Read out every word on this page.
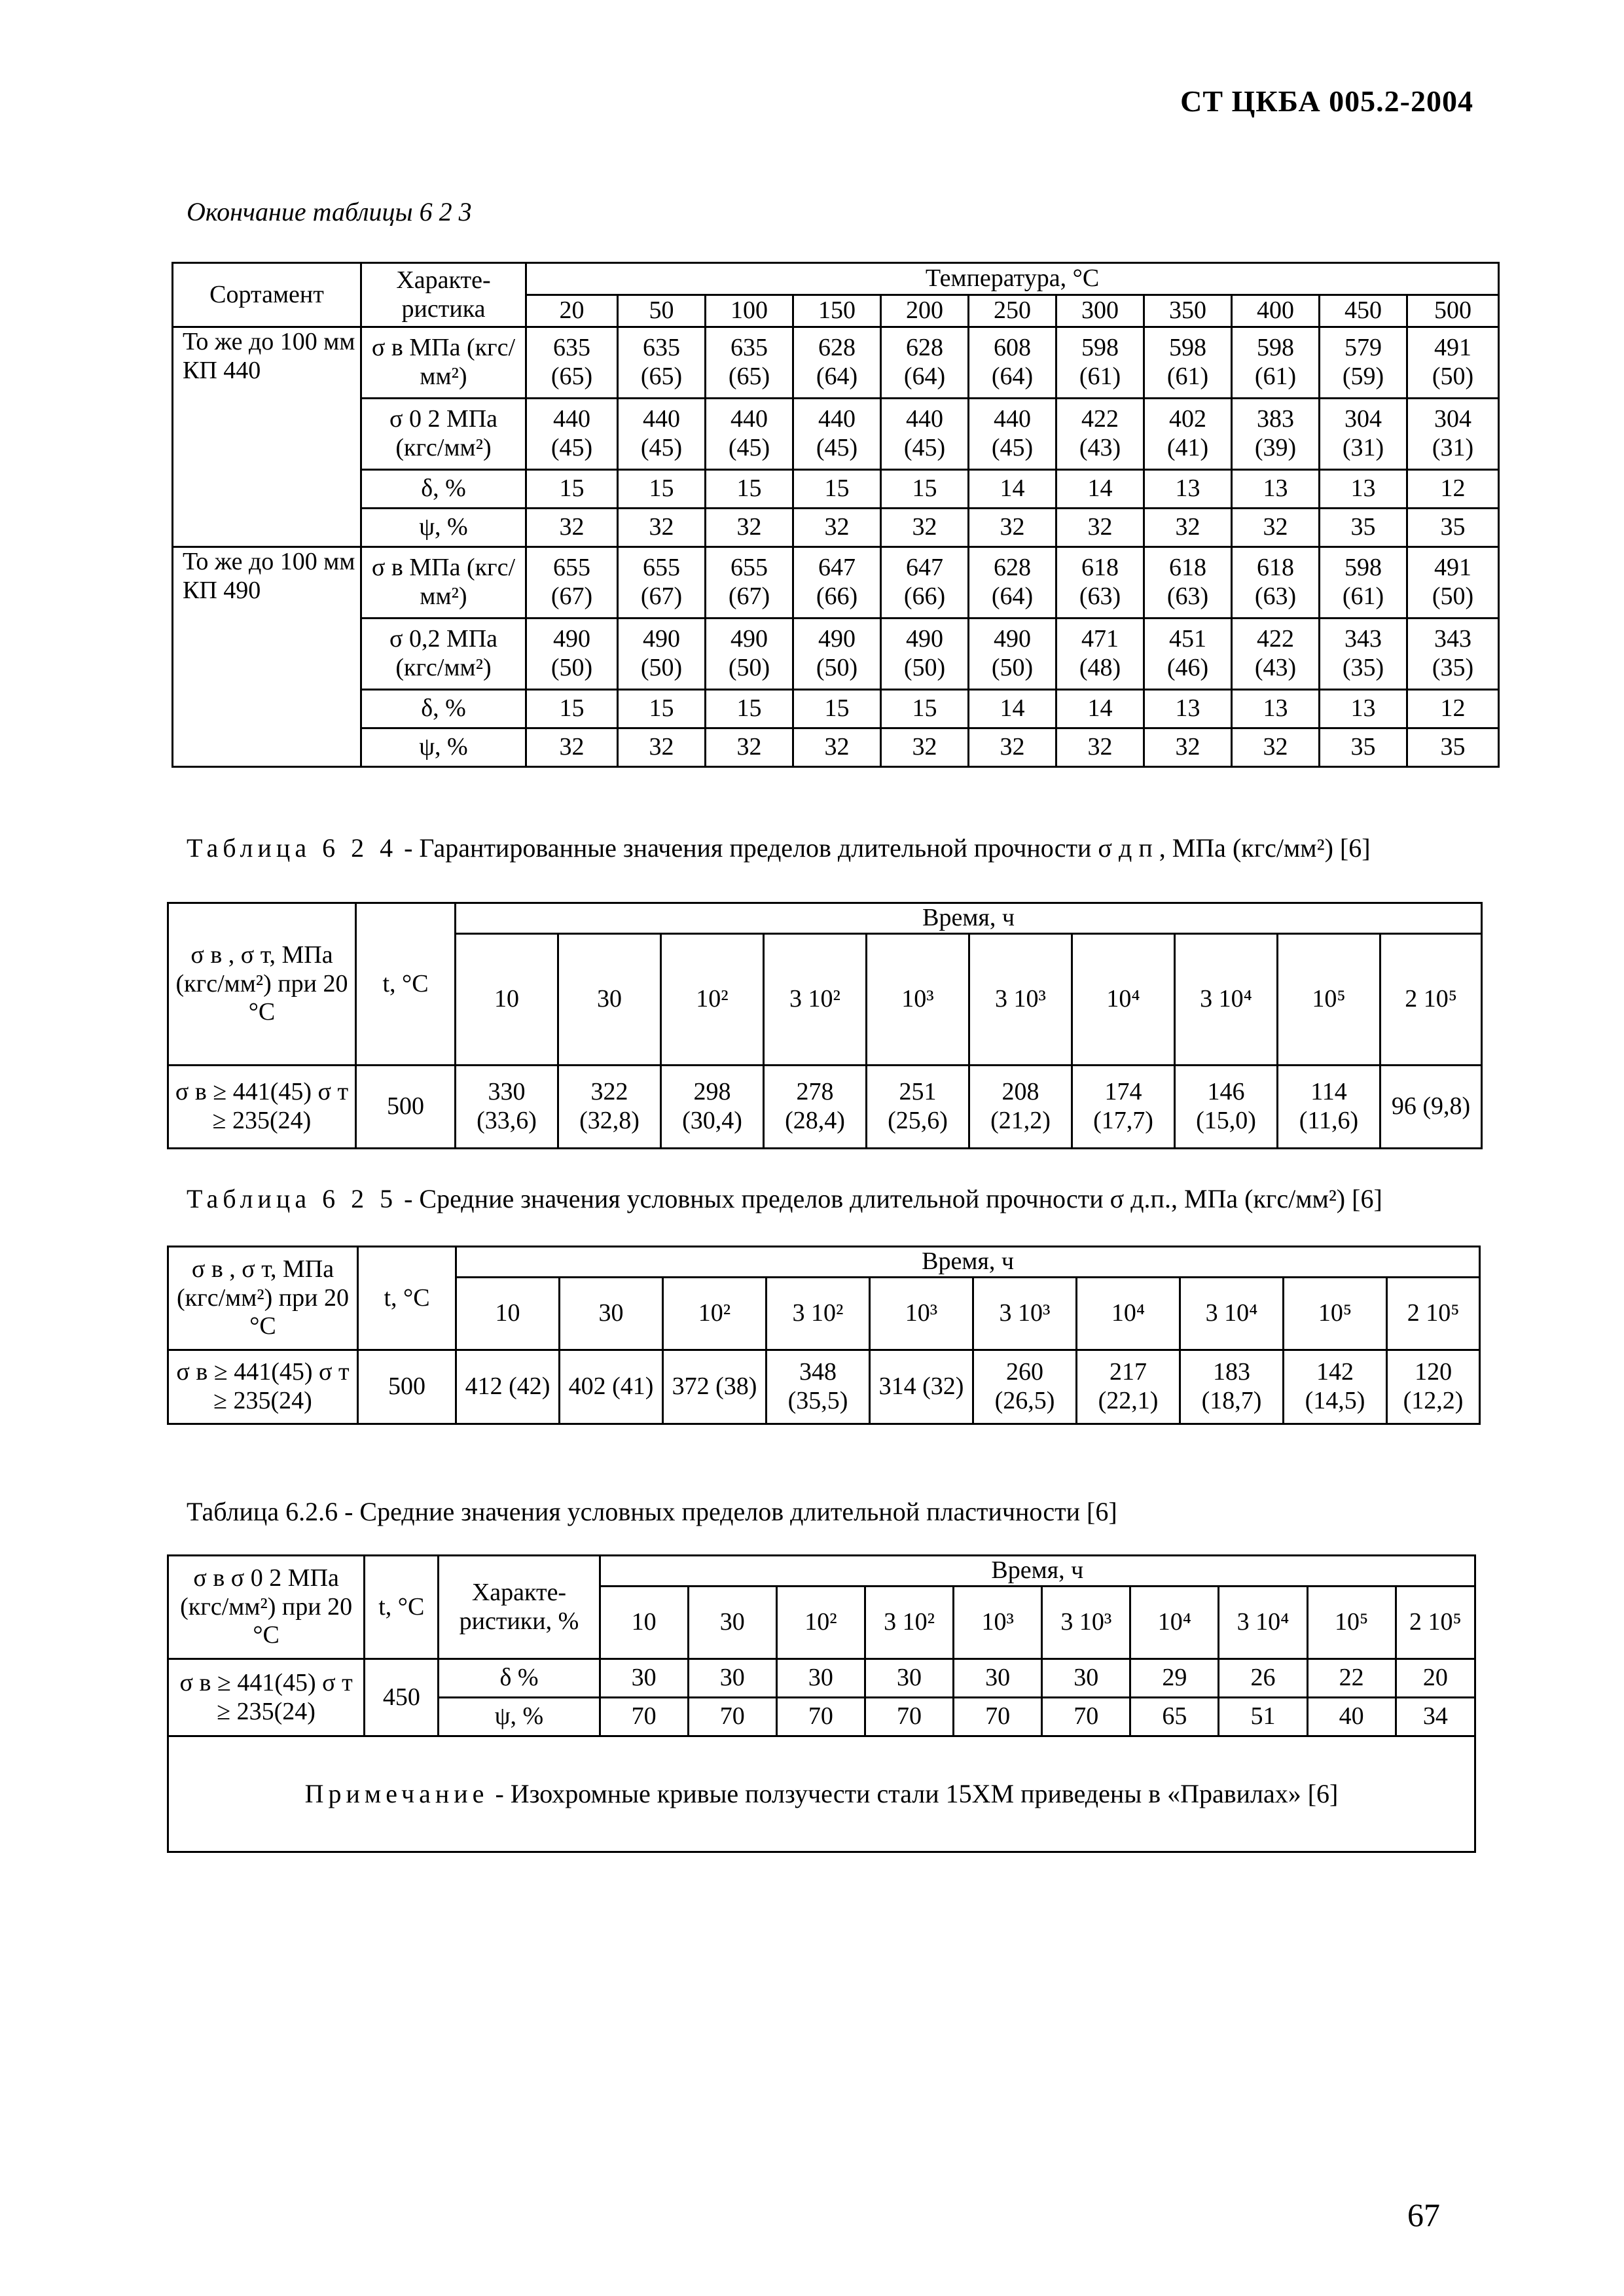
СТ ЦКБА 005.2-2004
Окончание таблицы 6 2 3
Сортамент	Характе-ристика	Температура, °С										
		20	50	100	150	200	250	300	350	400	450	500
То же до 100 мм КП 440	σ в МПа (кгс/мм²)	635 (65)	635 (65)	635 (65)	628 (64)	628 (64)	608 (64)	598 (61)	598 (61)	598 (61)	579 (59)	491 (50)
	σ 0 2 МПа (кгс/мм²)	440 (45)	440 (45)	440 (45)	440 (45)	440 (45)	440 (45)	422 (43)	402 (41)	383 (39)	304 (31)	304 (31)
	δ, %	15	15	15	15	15	14	14	13	13	13	12
	ψ, %	32	32	32	32	32	32	32	32	32	35	35
То же до 100 мм КП 490	σ в МПа (кгс/мм²)	655 (67)	655 (67)	655 (67)	647 (66)	647 (66)	628 (64)	618 (63)	618 (63)	618 (63)	598 (61)	491 (50)
	σ 0,2 МПа (кгс/мм²)	490 (50)	490 (50)	490 (50)	490 (50)	490 (50)	490 (50)	471 (48)	451 (46)	422 (43)	343 (35)	343 (35)
	δ, %	15	15	15	15	15	14	14	13	13	13	12
	ψ, %	32	32	32	32	32	32	32	32	32	35	35
Таблица 6 2 4 - Гарантированные значения пределов длительной прочности σ д п , МПа (кгс/мм²) [6]
σ в , σ т, МПа (кгс/мм²) при 20 °С	t, °С	Время, ч									
		10	30	10²	3 10²	10³	3 10³	10⁴	3 10⁴	10⁵	2 10⁵
σ в ≥ 441(45) σ т ≥ 235(24)	500	330 (33,6)	322 (32,8)	298 (30,4)	278 (28,4)	251 (25,6)	208 (21,2)	174 (17,7)	146 (15,0)	114 (11,6)	96 (9,8)
Таблица 6 2 5 - Средние значения условных пределов длительной прочности σ д.п., МПа (кгс/мм²) [6]
σ в , σ т, МПа (кгс/мм²) при 20 °С	t, °С	Время, ч									
		10	30	10²	3 10²	10³	3 10³	10⁴	3 10⁴	10⁵	2 10⁵
σ в ≥ 441(45) σ т ≥ 235(24)	500	412 (42)	402 (41)	372 (38)	348 (35,5)	314 (32)	260 (26,5)	217 (22,1)	183 (18,7)	142 (14,5)	120 (12,2)
Таблица 6.2.6 - Средние значения условных пределов длительной пластичности [6]
σ в σ 0 2 МПа (кгс/мм²) при 20 °С	t, °С	Характе-ристики, %	Время, ч									
			10	30	10²	3 10²	10³	3 10³	10⁴	3 10⁴	10⁵	2 10⁵
σ в ≥ 441(45) σ т ≥ 235(24)	450	δ %	30	30	30	30	30	30	29	26	22	20
		ψ, %	70	70	70	70	70	70	65	51	40	34
Примечание - Изохромные кривые ползучести стали 15ХМ приведены в «Правилах» [6]												
67
